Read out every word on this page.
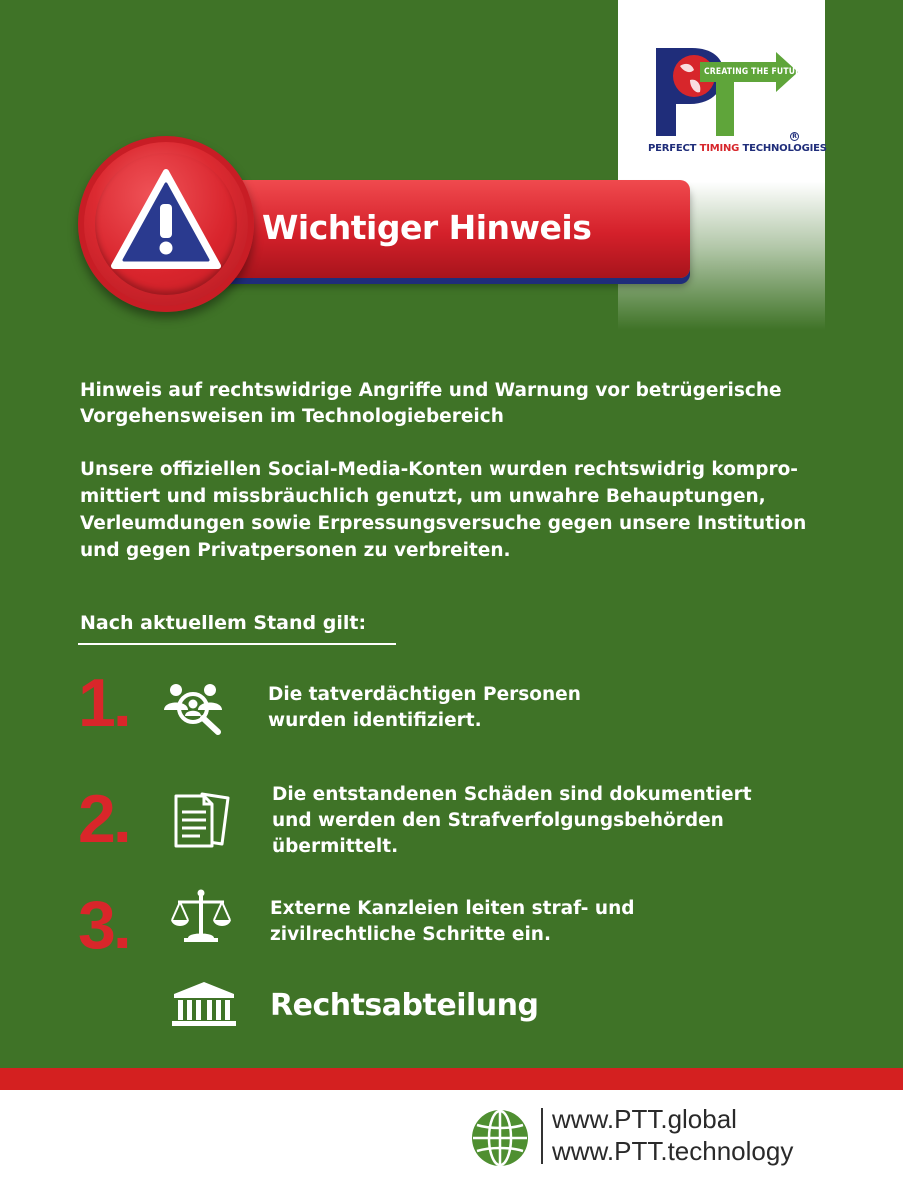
CREATING THE FUTURE
PERFECT TIMING TECHNOLOGIES
R
Wichtiger Hinweis
Hinweis auf rechtswidrige Angriffe und Warnung vor betrügerische
Vorgehensweisen im Technologiebereich
Unsere offiziellen Social-Media-Konten wurden rechtswidrig kompro-
mittiert und missbräuchlich genutzt, um unwahre Behauptungen,
Verleumdungen sowie Erpressungsversuche gegen unsere Institution
und gegen Privatpersonen zu verbreiten.
Nach aktuellem Stand gilt:
1.	Die tatverdächtigen Personen
wurden identifiziert.
2.	Die entstandenen Schäden sind dokumentiert
und werden den Strafverfolgungsbehörden
übermittelt.
3.	Externe Kanzleien leiten straf- und
zivilrechtliche Schritte ein.
Rechtsabteilung
www.PTT.global
www.PTT.technology
